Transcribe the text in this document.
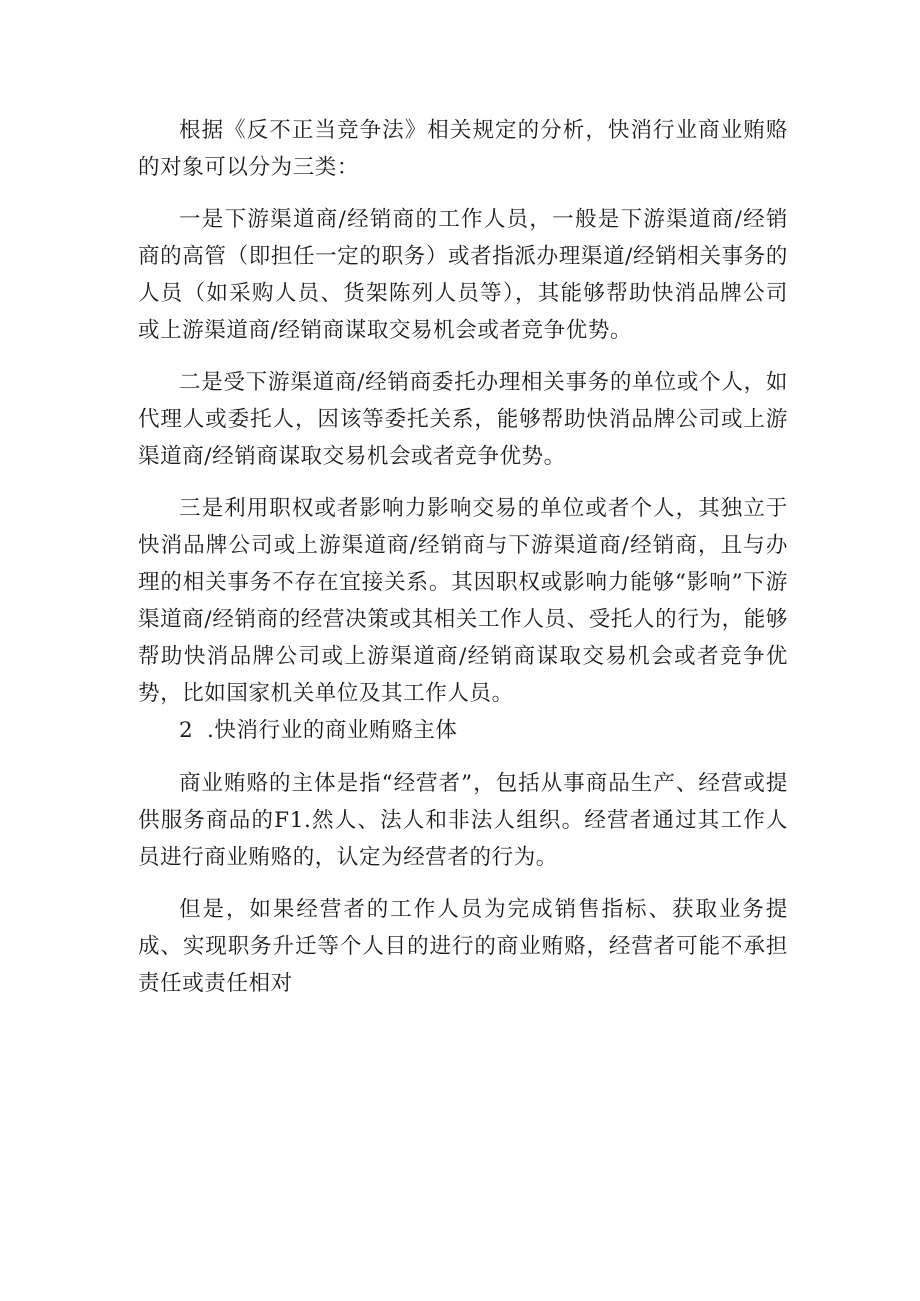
根据《反不正当竞争法》相关规定的分析，快消行业商业贿赂的对象可以分为三类：

一是下游渠道商/经销商的工作人员，一般是下游渠道商/经销商的高管（即担任一定的职务）或者指派办理渠道/经销相关事务的人员（如采购人员、货架陈列人员等），其能够帮助快消品牌公司或上游渠道商/经销商谋取交易机会或者竞争优势。

二是受下游渠道商/经销商委托办理相关事务的单位或个人，如代理人或委托人，因该等委托关系，能够帮助快消品牌公司或上游渠道商/经销商谋取交易机会或者竞争优势。

三是利用职权或者影响力影响交易的单位或者个人，其独立于快消品牌公司或上游渠道商/经销商与下游渠道商/经销商，且与办理的相关事务不存在宜接关系。其因职权或影响力能够“影响”下游渠道商/经销商的经营决策或其相关工作人员、受托人的行为，能够帮助快消品牌公司或上游渠道商/经销商谋取交易机会或者竞争优势，比如国家机关单位及其工作人员。

2 .快消行业的商业贿赂主体

商业贿赂的主体是指“经营者”，包括从事商品生产、经营或提供服务商品的F1.然人、法人和非法人组织。经营者通过其工作人员进行商业贿赂的，认定为经营者的行为。

但是，如果经营者的工作人员为完成销售指标、获取业务提成、实现职务升迁等个人目的进行的商业贿赂，经营者可能不承担责任或责任相对
